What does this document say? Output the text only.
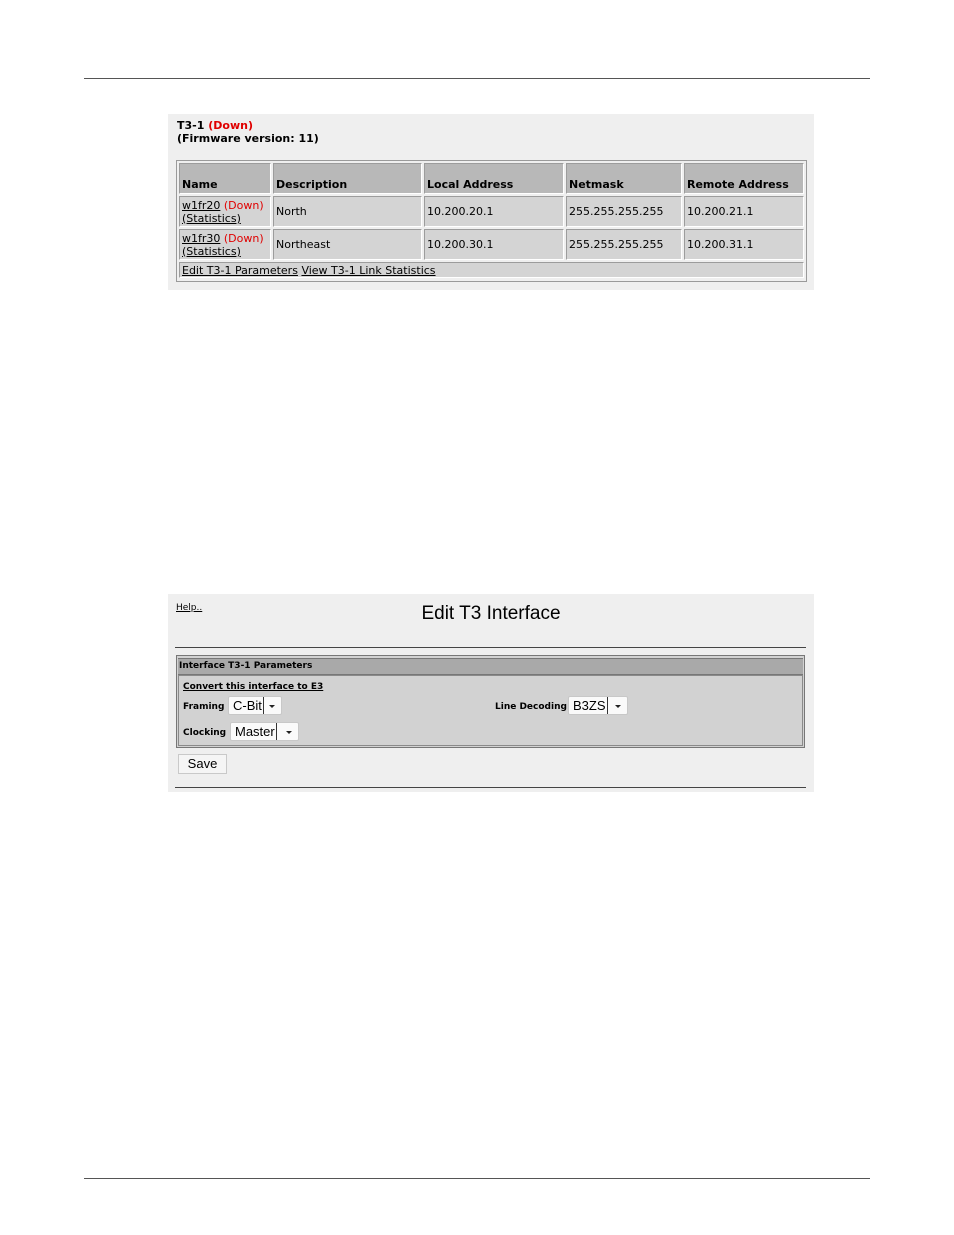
T3-1 (Down)
(Firmware version: 11)
Name	Description	Local Address	Netmask	Remote Address
w1fr20 (Down)
(Statistics)	North	10.200.20.1	255.255.255.255	10.200.21.1
w1fr30 (Down)
(Statistics)	Northeast	10.200.30.1	255.255.255.255	10.200.31.1
Edit T3-1 Parameters
View T3-1 Link Statistics
Help..	Edit T3 Interface
Interface T3-1 Parameters
Convert this interface to E3
Framing C-Bit	Line Decoding B3ZS
Clocking Master
Save
